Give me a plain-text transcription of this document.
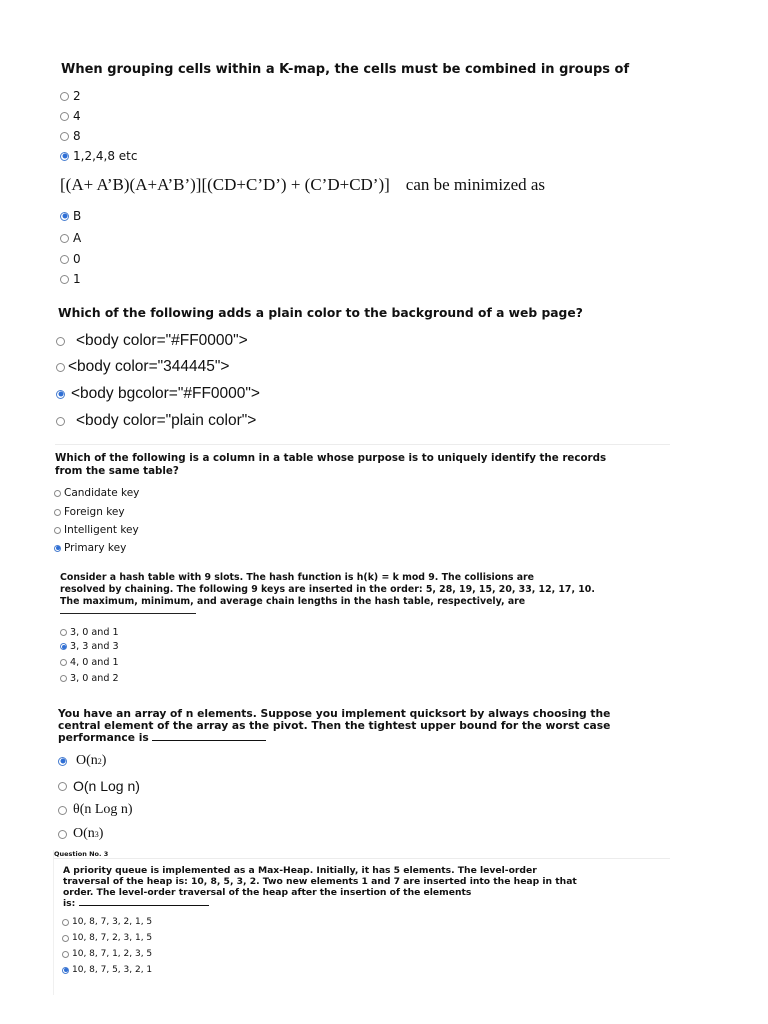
When grouping cells within a K-map, the cells must be combined in groups of
2
4
8
1,2,4,8 etc
[(A+ A’B)(A+A’B’)][(CD+C’D’) + (C’D+CD’)] can be minimized as
B
A
0
1
Which of the following adds a plain color to the background of a web page?
<body color="#FF0000">
<body color="344445">
<body bgcolor="#FF0000">
<body color="plain color">
Which of the following is a column in a table whose purpose is to uniquely identify the records
from the same table?
Candidate key
Foreign key
Intelligent key
Primary key
Consider a hash table with 9 slots. The hash function is h(k) = k mod 9. The collisions are
resolved by chaining. The following 9 keys are inserted in the order: 5, 28, 19, 15, 20, 33, 12, 17, 10.
The maximum, minimum, and average chain lengths in the hash table, respectively, are
3, 0 and 1
3, 3 and 3
4, 0 and 1
3, 0 and 2
You have an array of n elements. Suppose you implement quicksort by always choosing the
central element of the array as the pivot. Then the tightest upper bound for the worst case
performance is
O(n 2 )
O(n Log n)
θ(n Log n)
O(n 3 )
Question No. 3
A priority queue is implemented as a Max-Heap. Initially, it has 5 elements. The level-order
traversal of the heap is: 10, 8, 5, 3, 2. Two new elements 1 and 7 are inserted into the heap in that
order. The level-order traversal of the heap after the insertion of the elements
is:
10, 8, 7, 3, 2, 1, 5
10, 8, 7, 2, 3, 1, 5
10, 8, 7, 1, 2, 3, 5
10, 8, 7, 5, 3, 2, 1
